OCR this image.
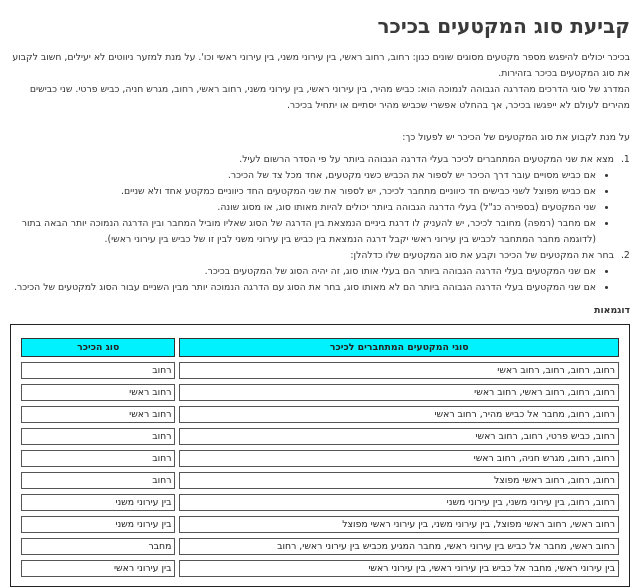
קביעת סוג המקטעים בכיכר

בכיכר יכולים להיפגש מספר מקטעים מסוגים שונים כגון: רחוב, רחוב ראשי, בין עירוני משני, בין עירוני ראשי וכו'. על מנת למזער ניווטים לא יעילים, חשוב לקבוע את סוג המקטעים בכיכר בזהירות.

המדרג של סוגי הדרכים מהדרגה הגבוהה לנמוכה הוא: כביש מהיר, בין עירוני ראשי, בין עירוני משני, רחוב ראשי, רחוב, מגרש חניה, כביש פרטי. שני כבישים מהירים לעולם לא ייפגשו בכיכר, אך בהחלט אפשרי שכביש מהיר יסתיים או יתחיל בכיכר.

על מנת לקבוע את סוג המקטעים של הכיכר יש לפעול כך:

1. מצא את שני המקטעים המתחברים לכיכר בעלי הדרגה הגבוהה ביותר על פי הסדר הרשום לעיל.
• אם כביש מסויים עובר דרך הכיכר יש לספור את הכביש כשני מקטעים, אחד מכל צד של הכיכר.
• אם כביש מפוצל לשני כבישים חד כיווניים מתחבר לכיכר, יש לספור את שני המקטעים החד כיווניים כמקטע אחד ולא שניים.
• שני המקטעים (בספירה כנ"ל) בעלי הדרגה הגבוהה ביותר יכולים להיות מאותו סוג, או מסוג שונה.
• אם מחבר (רמפה) מחובר לכיכר, יש להעניק לו דרגת ביניים הנמצאת בין הדרגה של הסוג שאליו מוביל המחבר ובין הדרגה הנמוכה יותר הבאה בתור (לדוגמה מחבר המתחבר לכביש בין עירוני ראשי יקבל דרגה הנמצאת בין כביש בין עירוני משני לבין זו של כביש בין עירוני ראשי).
2. בחר את המקטעים של הכיכר וקבע את סוג המקטעים שלו כדלהלן:
• אם שני המקטעים בעלי הדרגה הגבוהה ביותר הם בעלי אותו סוג, זה יהיה הסוג של המקטעים בכיכר.
• אם שני המקטעים בעלי הדרגה הגבוהה ביותר הם לא מאותו סוג, בחר את הסוג עם הדרגה הנמוכה יותר מבין השניים עבור הסוג למקטעים של הכיכר.
דוגמאות
סוגי המקטעים המתחברים לכיכר	סוג הכיכר
רחוב, רחוב, רחוב, רחוב ראשי	רחוב
רחוב, רחוב, רחוב ראשי, רחוב ראשי	רחוב ראשי
רחוב, רחוב, מחבר אל כביש מהיר, רחוב ראשי	רחוב ראשי
רחוב, כביש פרטי, רחוב, רחוב ראשי	רחוב
רחוב, רחוב, מגרש חניה, רחוב ראשי	רחוב
רחוב, רחוב, רחוב ראשי מפוצל	רחוב
רחוב, רחוב, בין עירוני משני, בין עירוני משני	בין עירוני משני
רחוב ראשי, רחוב ראשי מפוצל, בין עירוני משני, בין עירוני ראשי מפוצל	בין עירוני משני
רחוב ראשי, מחבר אל כביש בין עירוני ראשי, מחבר המגיע מכביש בין עירוני ראשי, רחוב	מחבר
בין עירוני ראשי, מחבר אל כביש בין עירוני ראשי, בין עירוני ראשי	בין עירוני ראשי
